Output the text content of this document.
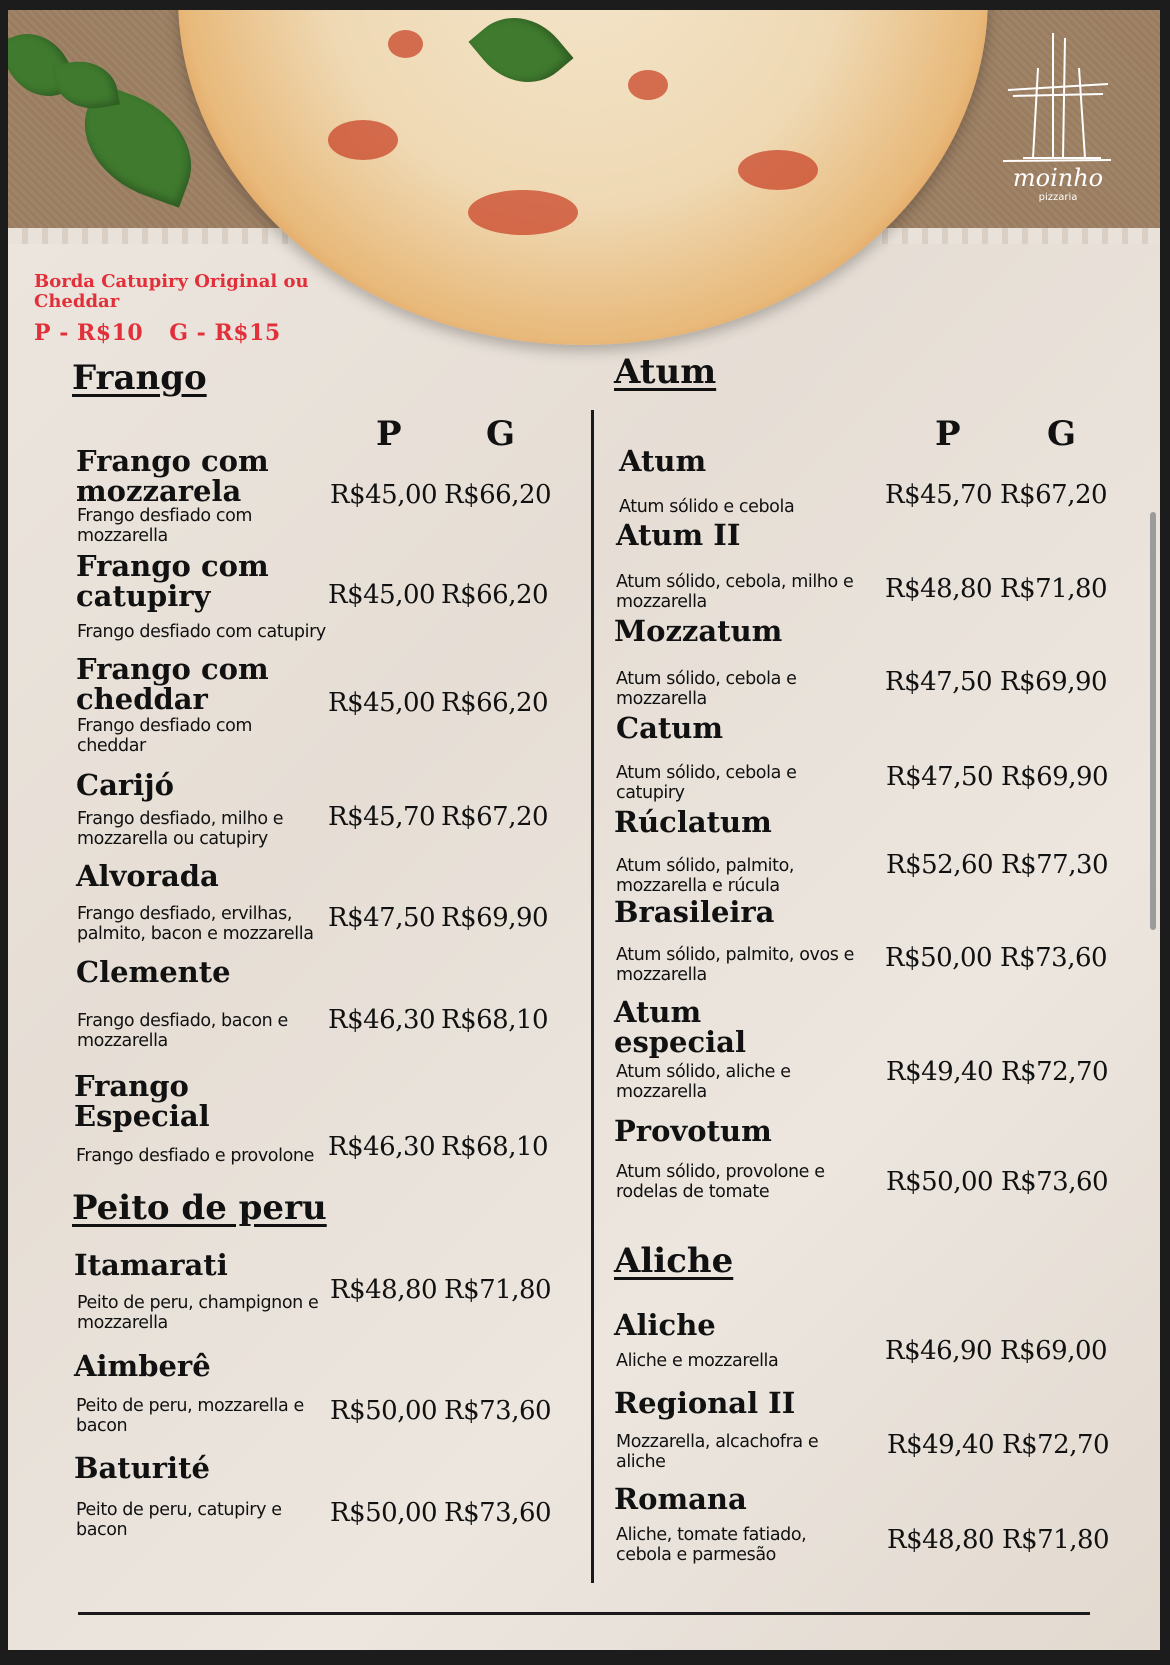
moinho
pizzaria
Borda Catupiry Original ou Cheddar
P - R$10 G - R$15
Frango
P G
Frango com mozzarela
Frango desfiado com mozzarella
R$45,00 R$66,20
Frango com catupiry
Frango desfiado com catupiry
R$45,00 R$66,20
Frango com cheddar
Frango desfiado com cheddar
R$45,00 R$66,20
Carijó
Frango desfiado, milho e mozzarella ou catupiry
R$45,70 R$67,20
Alvorada
Frango desfiado, ervilhas, palmito, bacon e mozzarella
R$47,50 R$69,90
Clemente
Frango desfiado, bacon e mozzarella
R$46,30 R$68,10
Frango Especial
Frango desfiado e provolone R$46,30 R$68,10
Peito de peru
Itamarati
Peito de peru, champignon e mozzarella
R$48,80 R$71,80
Aimberê
Peito de peru, mozzarella e bacon	R$50,00 R$73,60
Baturité
Peito de peru, catupiry e bacon
R$50,00 R$73,60
Atum
P	G
Atum
Atum sólido e cebola	R$45,70 R$67,20
Atum II
Atum sólido, cebola, milho e mozzarella	R$48,80 R$71,80
Mozzatum
Atum sólido, cebola e mozzarella
R$47,50 R$69,90
Catum
Atum sólido, cebola e catupiry
R$47,50 R$69,90
Rúclatum
Atum sólido, palmito, mozzarella e rúcula
R$52,60 R$77,30
Brasileira
Atum sólido, palmito, ovos e mozzarella
R$50,00 R$73,60
Atum especial
Atum sólido, aliche e mozzarella
R$49,40 R$72,70
Provotum
Atum sólido, provolone e rodelas de tomate	R$50,00 R$73,60
Aliche
Aliche
Aliche e mozzarella	R$46,90 R$69,00
Regional II
Mozzarella, alcachofra e aliche
R$49,40 R$72,70
Romana
Aliche, tomate fatiado, cebola e parmesão	R$48,80 R$71,80
